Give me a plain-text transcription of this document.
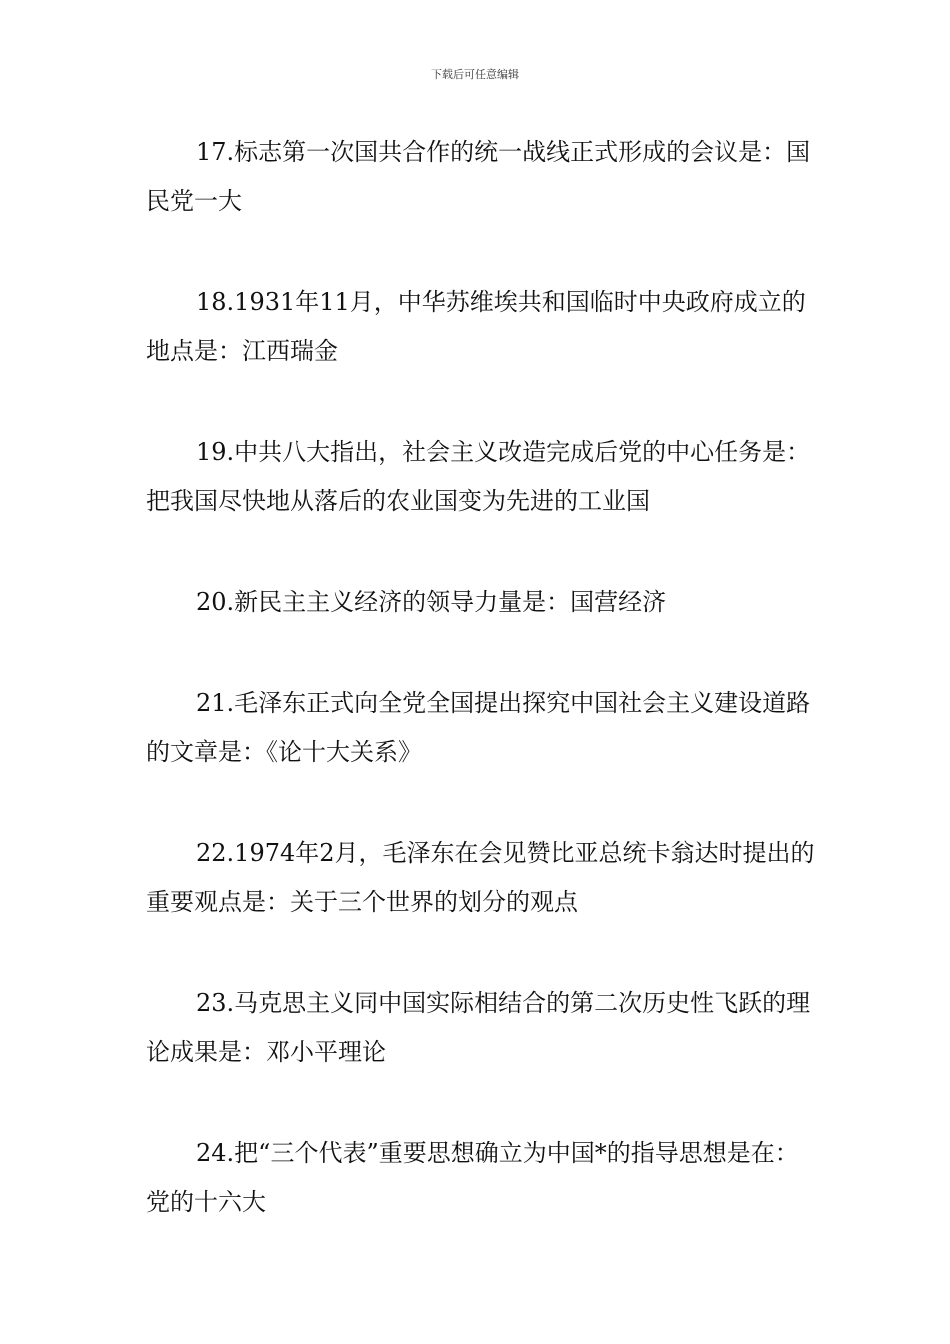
下载后可任意编辑

17.标志第一次国共合作的统一战线正式形成的会议是：国民党一大

18.1931年11月，中华苏维埃共和国临时中央政府成立的地点是：江西瑞金

19.中共八大指出，社会主义改造完成后党的中心任务是：把我国尽快地从落后的农业国变为先进的工业国

20.新民主主义经济的领导力量是：国营经济

21.毛泽东正式向全党全国提出探究中国社会主义建设道路的文章是：《论十大关系》

22.1974年2月，毛泽东在会见赞比亚总统卡翁达时提出的重要观点是：关于三个世界的划分的观点

23.马克思主义同中国实际相结合的第二次历史性飞跃的理论成果是：邓小平理论

24.把“三个代表”重要思想确立为中国*的指导思想是在：党的十六大
